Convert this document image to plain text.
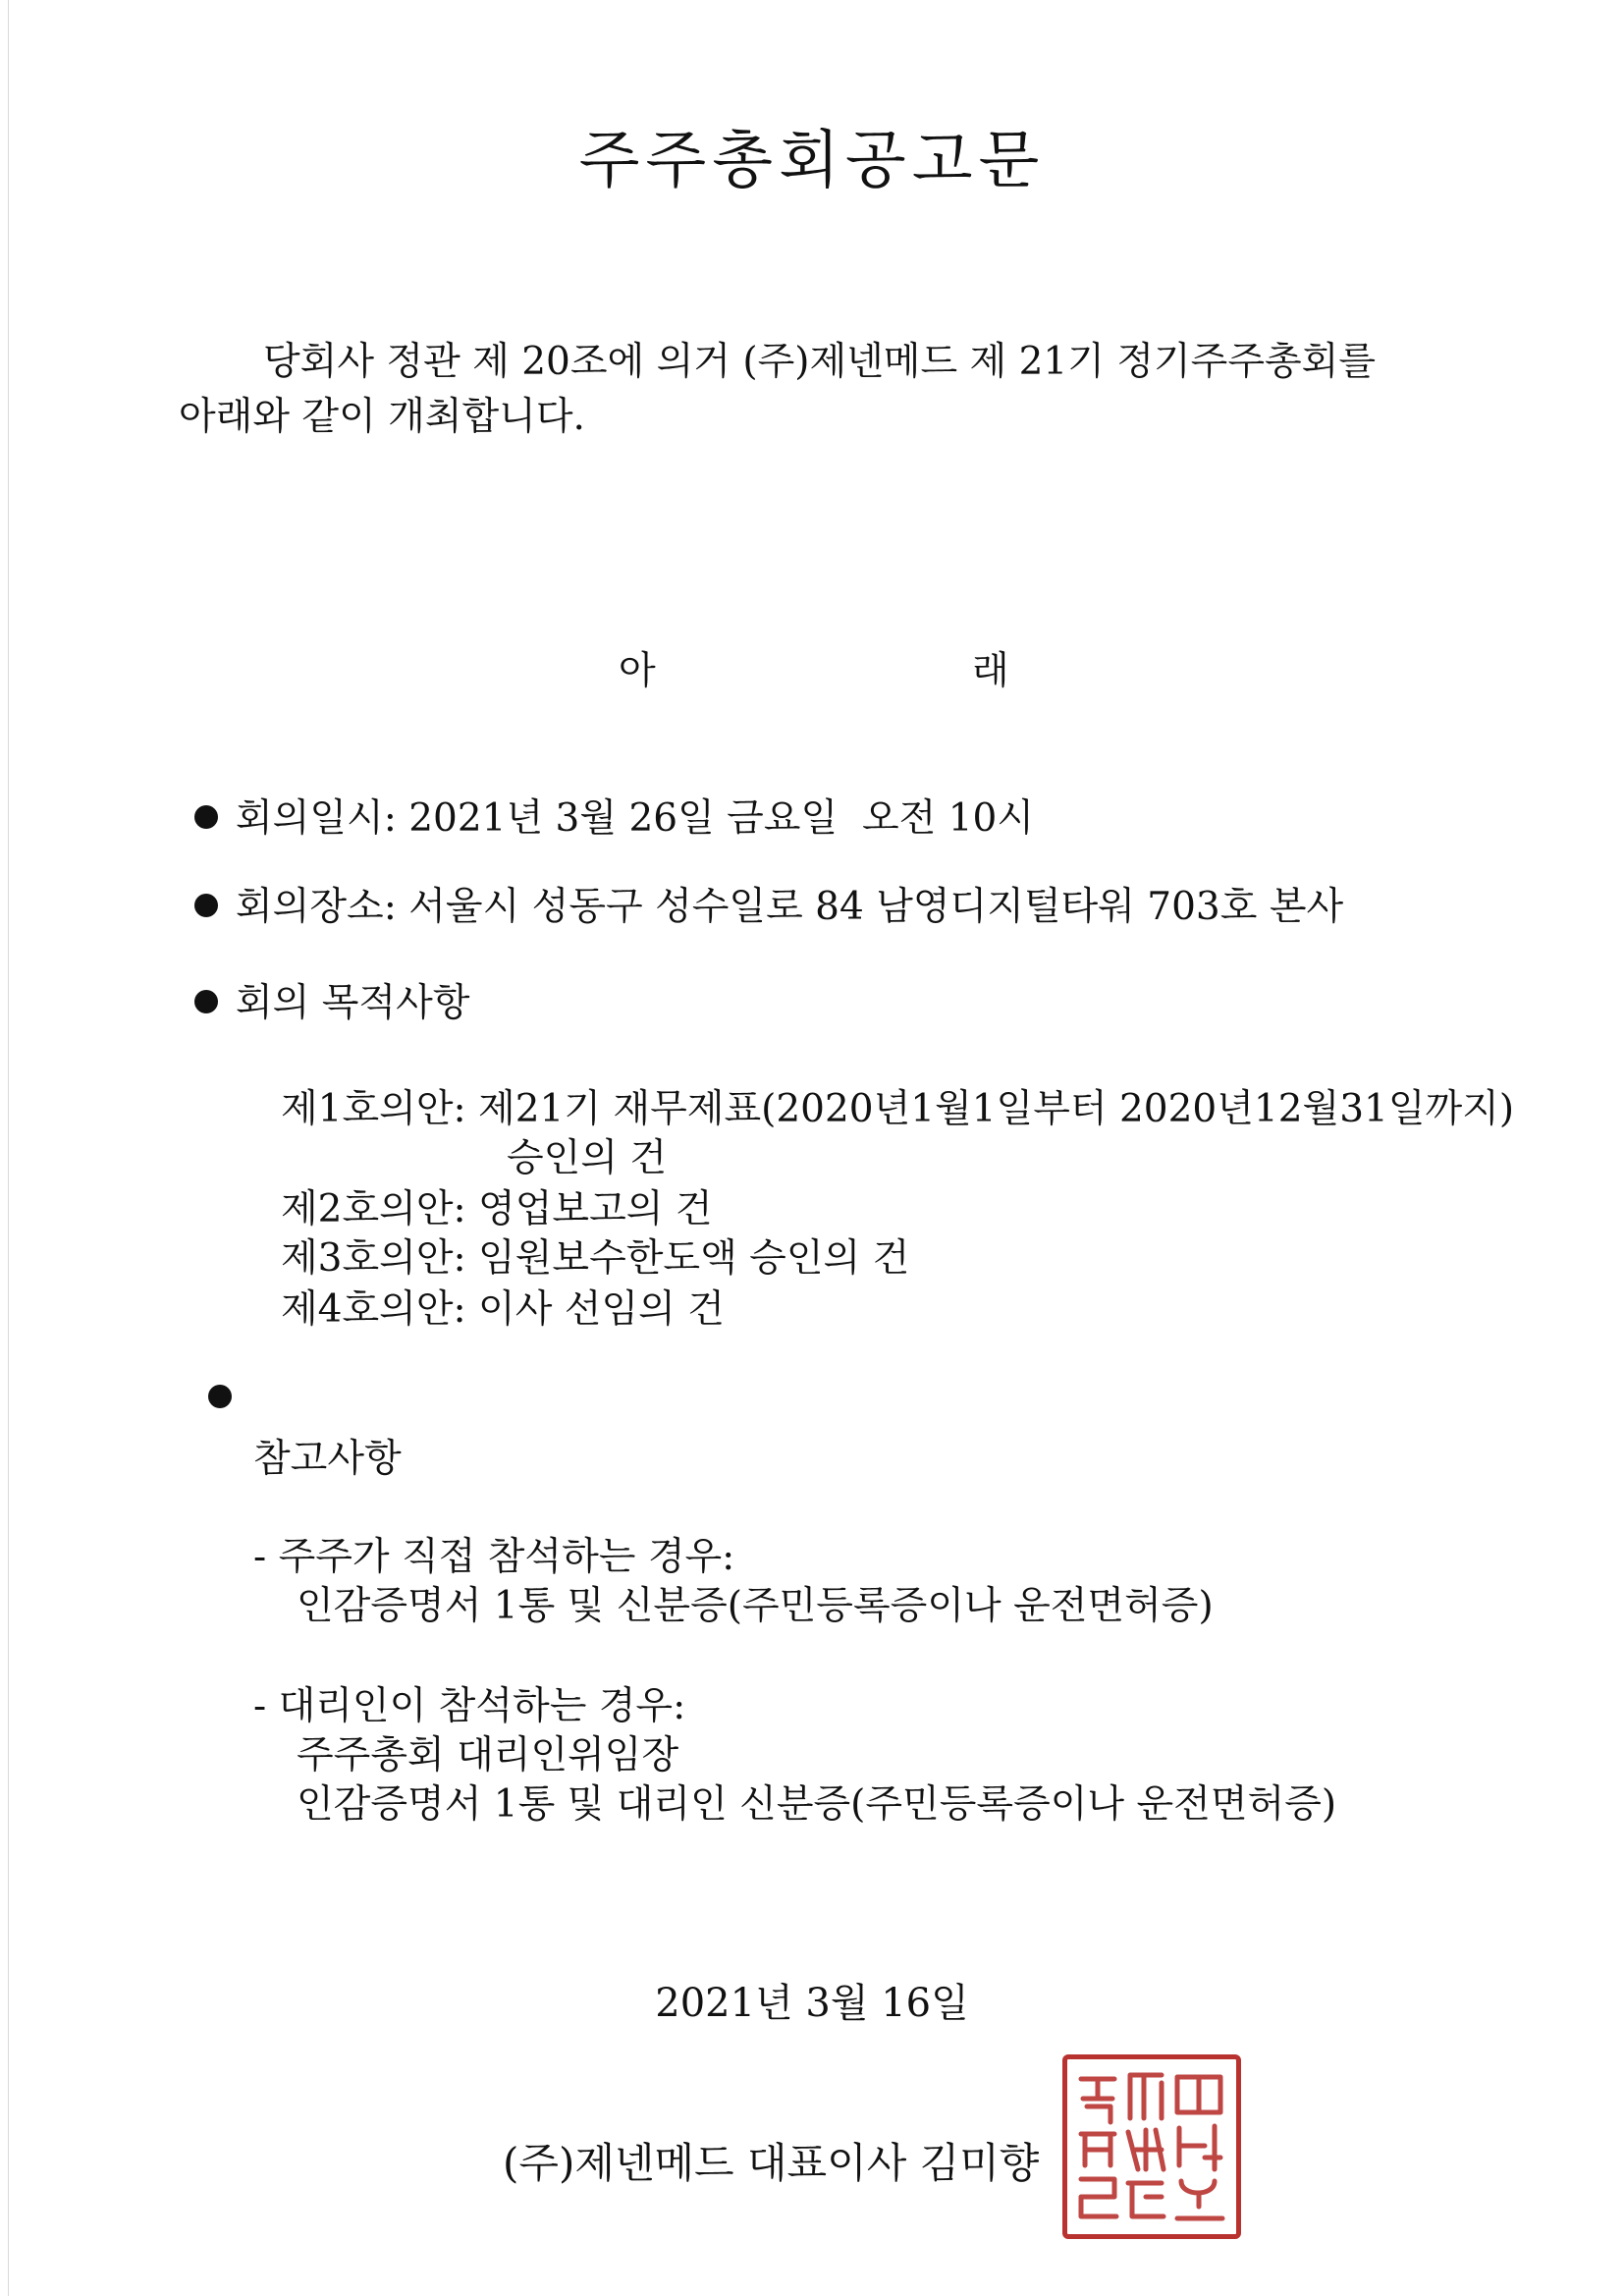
주주총회공고문
당회사 정관 제 20조에 의거 (주)제넨메드 제 21기 정기주주총회를
아래와 같이 개최합니다.
아	래
회의일시: 2021년 3월 26일 금요일  오전 10시
회의장소: 서울시 성동구 성수일로 84 남영디지털타워 703호 본사
회의 목적사항
제1호의안: 제21기 재무제표(2020년1월1일부터 2020년12월31일까지)
승인의 건
제2호의안: 영업보고의 건
제3호의안: 임원보수한도액 승인의 건
제4호의안: 이사 선임의 건
참고사항
- 주주가 직접 참석하는 경우:
인감증명서 1통 및 신분증(주민등록증이나 운전면허증)
- 대리인이 참석하는 경우:
주주총회 대리인위임장
인감증명서 1통 및 대리인 신분증(주민등록증이나 운전면허증)
2021년 3월 16일
(주)제넨메드 대표이사 김미향
